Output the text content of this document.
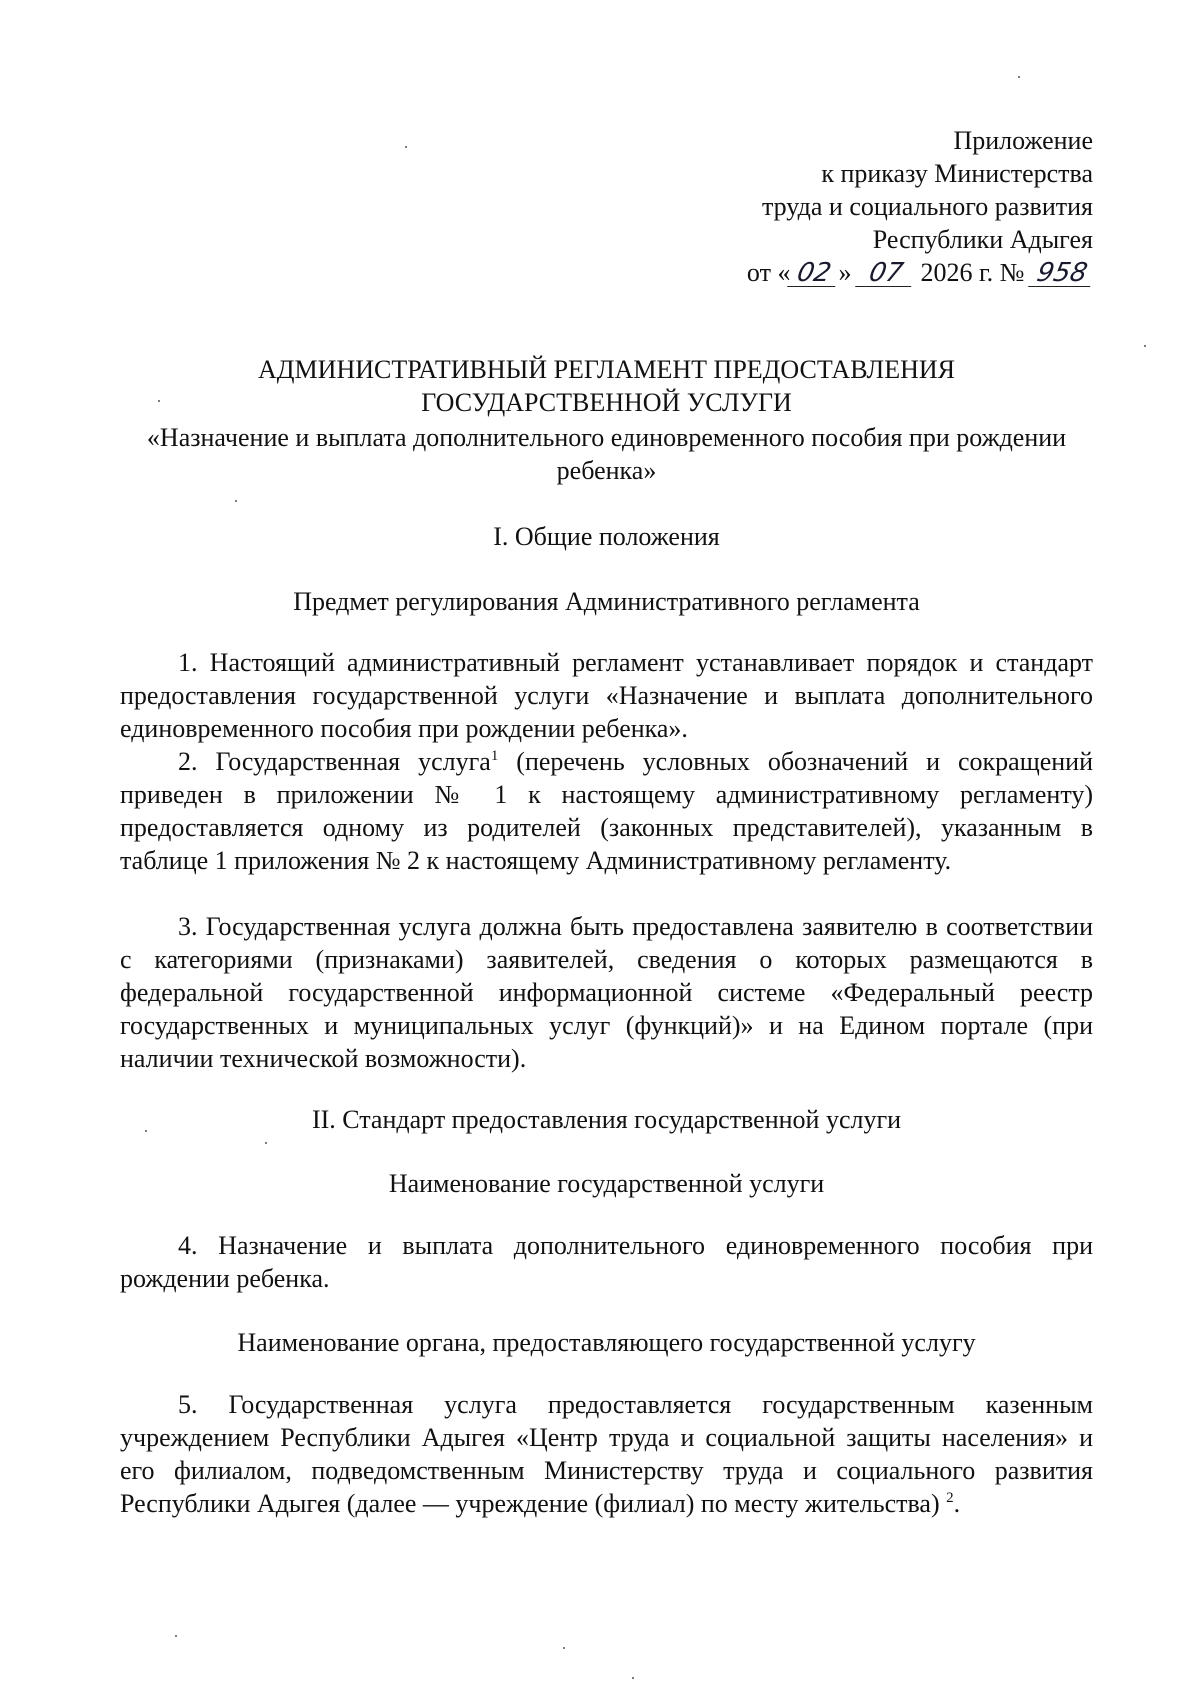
Приложение
к приказу Министерства
труда и социального развития
Республики Адыгея
от « 02 » 07 2026 г. № 958
АДМИНИСТРАТИВНЫЙ РЕГЛАМЕНТ ПРЕДОСТАВЛЕНИЯ
ГОСУДАРСТВЕННОЙ УСЛУГИ
«Назначение и выплата дополнительного единовременного пособия при рождении ребенка»
I. Общие положения
Предмет регулирования Административного регламента
1. Настоящий административный регламент устанавливает порядок и стандарт предоставления государственной услуги «Назначение и выплата дополнительного единовременного пособия при рождении ребенка».
2. Государственная услуга$^1$ (перечень условных обозначений и сокращений приведен в приложении № 1 к настоящему административному регламенту) предоставляется одному из родителей (законных представителей), указанным в таблице 1 приложения № 2 к настоящему Административному регламенту.
3. Государственная услуга должна быть предоставлена заявителю в соответствии с категориями (признаками) заявителей, сведения о которых размещаются в федеральной государственной информационной системе «Федеральный реестр государственных и муниципальных услуг (функций)» и на Едином портале (при наличии технической возможности).
II. Стандарт предоставления государственной услуги
Наименование государственной услуги
4. Назначение и выплата дополнительного единовременного пособия при рождении ребенка.
Наименование органа, предоставляющего государственной услугу
5. Государственная услуга предоставляется государственным казенным учреждением Республики Адыгея «Центр труда и социальной защиты населения» и его филиалом, подведомственным Министерству труда и социального развития Республики Адыгея (далее — учреждение (филиал) по месту жительства) $^2$.
